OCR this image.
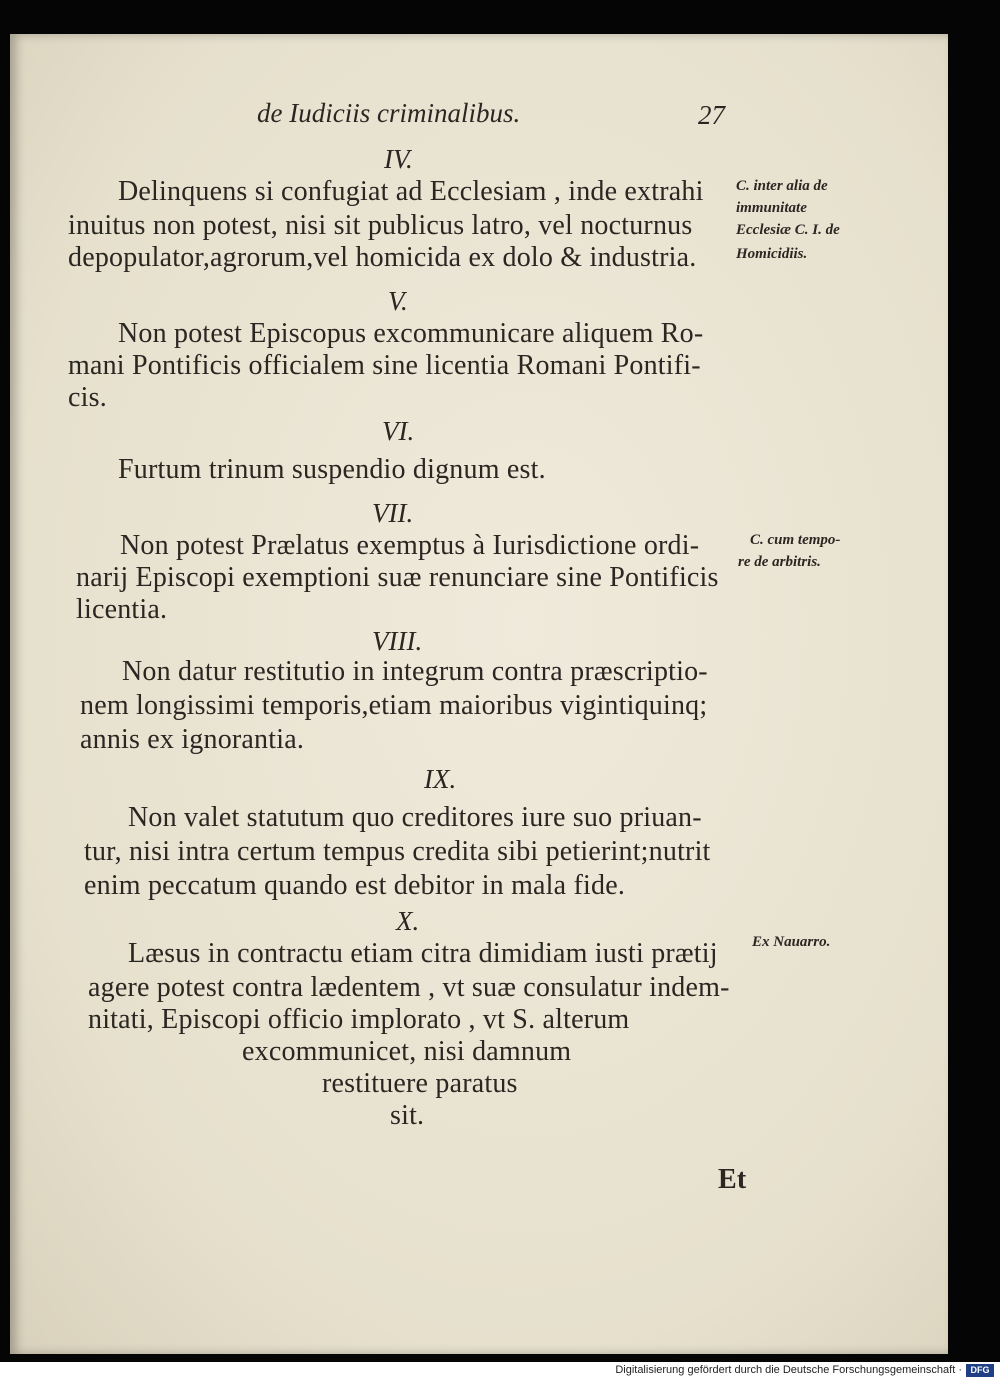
de Iudiciis criminalibus.	27
IV.
Delinquens si confugiat ad Ecclesiam , inde extrahi
inuitus non potest, nisi sit publicus latro, vel nocturnus
depopulator,agrorum,vel homicida ex dolo & industria.
C. inter alia de
immunitate
Ecclesiæ C. I. de
Homicidiis.
V.
Non potest Episcopus excommunicare aliquem Ro-
mani Pontificis officialem sine licentia Romani Pontifi-
cis.
VI.
Furtum trinum suspendio dignum est.
VII.
Non potest Prælatus exemptus à Iurisdictione ordi-
narij Episcopi exemptioni suæ renunciare sine Pontificis
licentia.
C. cum tempo-
re de arbitris.
VIII.
Non datur restitutio in integrum contra præscriptio-
nem longissimi temporis,etiam maioribus vigintiquinq;
annis ex ignorantia.
IX.
Non valet statutum quo creditores iure suo priuan-
tur, nisi intra certum tempus credita sibi petierint;nutrit
enim peccatum quando est debitor in mala fide.
X.
Læsus in contractu etiam citra dimidiam iusti prætij
agere potest contra lædentem , vt suæ consulatur indem-
nitati, Episcopi officio implorato , vt S. alterum
excommunicet, nisi damnum
restituere paratus
sit.
Ex Nauarro.
Et
Digitalisierung gefördert durch die Deutsche Forschungsgemeinschaft · DFG
